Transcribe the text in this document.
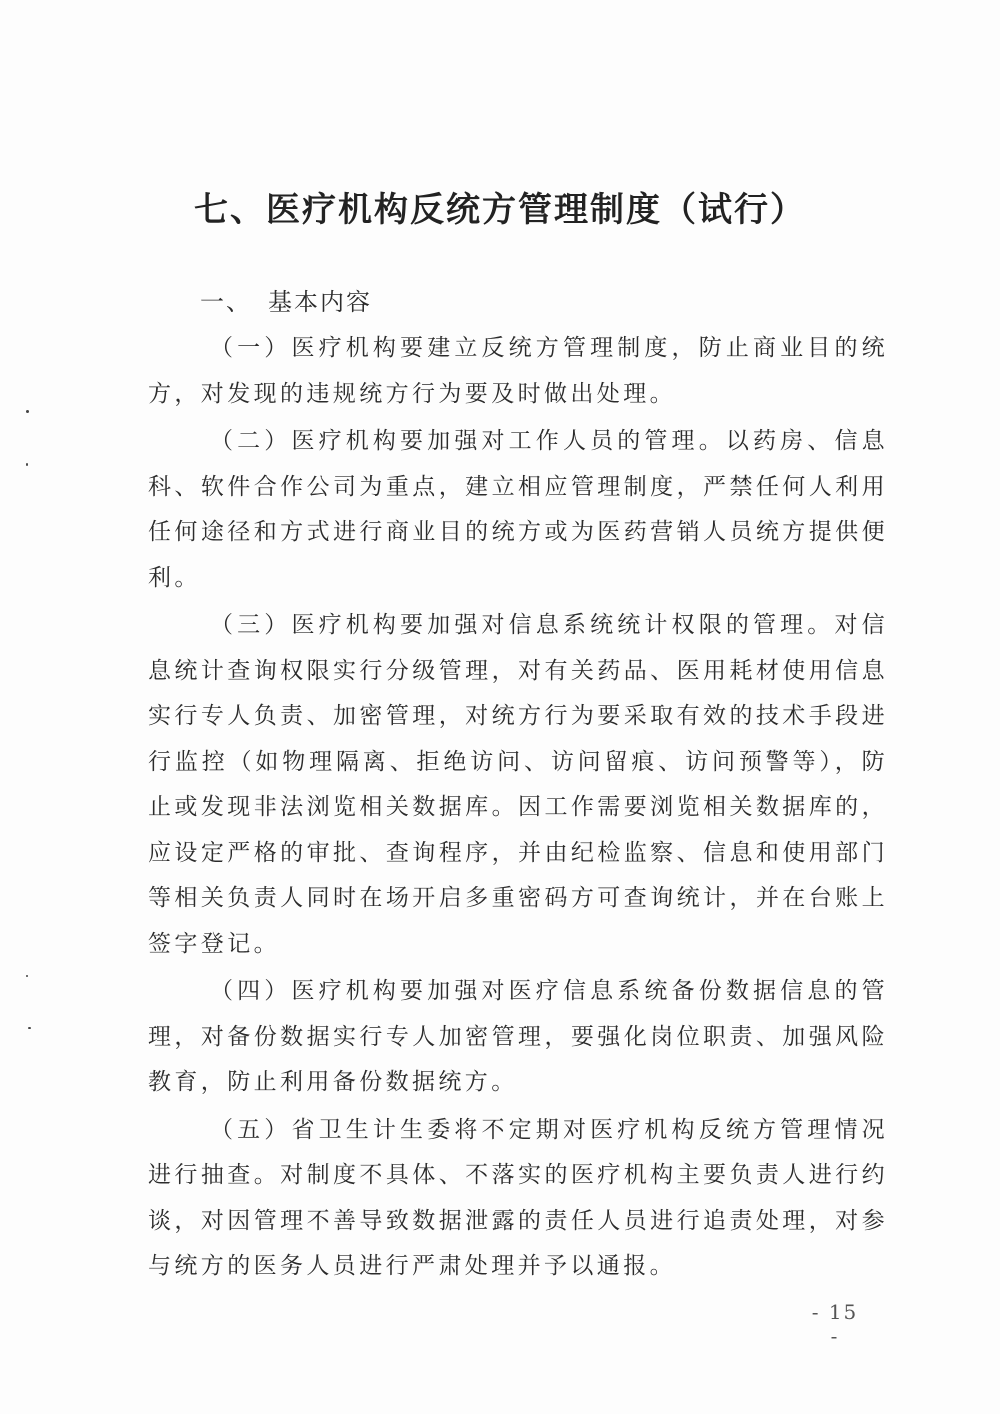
七、医疗机构反统方管理制度（试行）
一、 基本内容

（一）医疗机构要建立反统方管理制度，防止商业目的统方，对发现的违规统方行为要及时做出处理。

（二）医疗机构要加强对工作人员的管理。以药房、信息科、软件合作公司为重点，建立相应管理制度，严禁任何人利用任何途径和方式进行商业目的统方或为医药营销人员统方提供便利。

（三）医疗机构要加强对信息系统统计权限的管理。对信息统计查询权限实行分级管理，对有关药品、医用耗材使用信息实行专人负责、加密管理，对统方行为要采取有效的技术手段进行监控（如物理隔离、拒绝访问、访问留痕、访问预警等），防止或发现非法浏览相关数据库。因工作需要浏览相关数据库的，应设定严格的审批、查询程序，并由纪检监察、信息和使用部门等相关负责人同时在场开启多重密码方可查询统计，并在台账上签字登记。

（四）医疗机构要加强对医疗信息系统备份数据信息的管理，对备份数据实行专人加密管理，要强化岗位职责、加强风险教育，防止利用备份数据统方。

（五）省卫生计生委将不定期对医疗机构反统方管理情况进行抽查。对制度不具体、不落实的医疗机构主要负责人进行约谈，对因管理不善导致数据泄露的责任人员进行追责处理，对参与统方的医务人员进行严肃处理并予以通报。

- 15 -
